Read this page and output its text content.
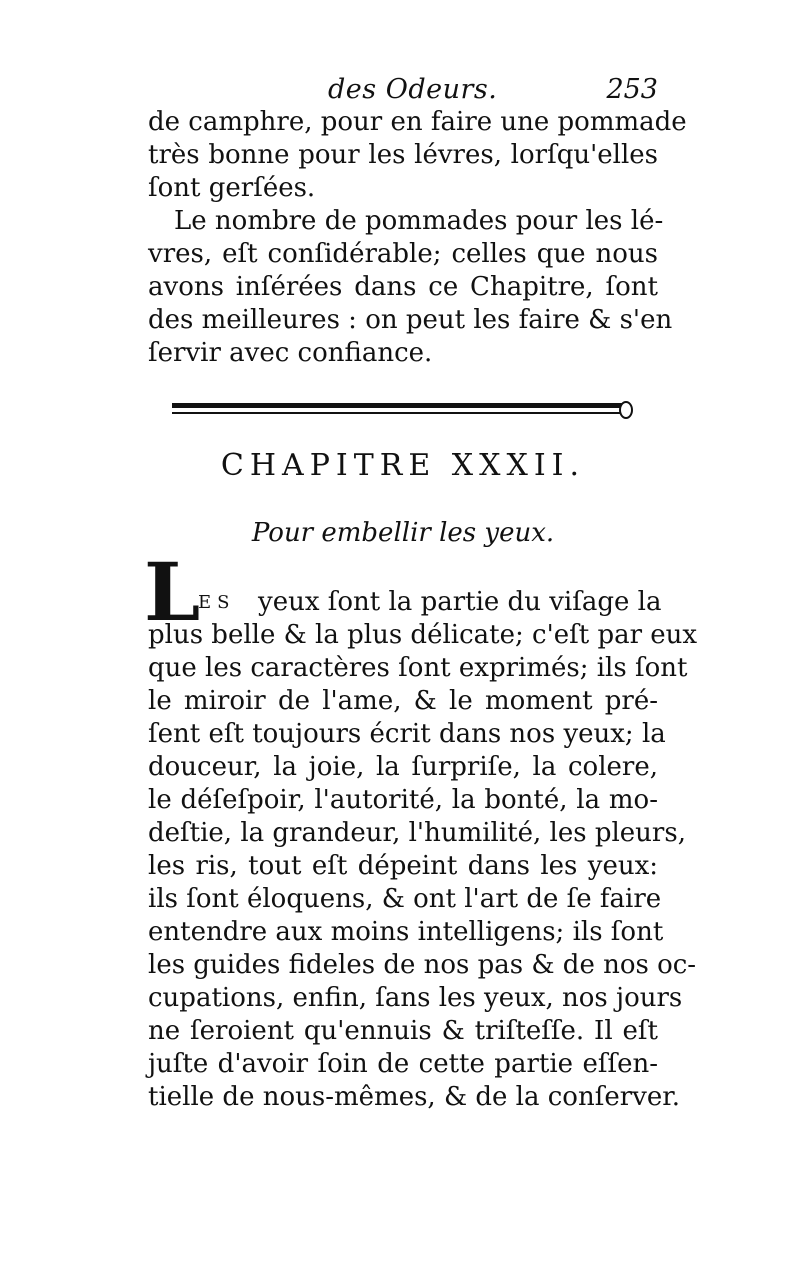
des Odeurs.	253
de camphre, pour en faire une pommade
très bonne pour les lévres, lorſqu'elles
ſont gerſées.
Le nombre de pommades pour les lé-
vres, eſt conſidérable; celles que nous
avons inſérées dans ce Chapitre, ſont
des meilleures : on peut les faire & s'en
ſervir avec confiance.
CHAPITRE XXXII.
Pour embellir les yeux.
L
ES yeux ſont la partie du viſage la
plus belle & la plus délicate; c'eſt par eux
que les caractères ſont exprimés; ils ſont
le miroir de l'ame, & le moment pré-
ſent eſt toujours écrit dans nos yeux; la
douceur, la joie, la ſurpriſe, la colere,
le déſeſpoir, l'autorité, la bonté, la mo-
deſtie, la grandeur, l'humilité, les pleurs,
les ris, tout eſt dépeint dans les yeux:
ils ſont éloquens, & ont l'art de ſe faire
entendre aux moins intelligens; ils ſont
les guides fideles de nos pas & de nos oc-
cupations, enfin, ſans les yeux, nos jours
ne ſeroient qu'ennuis & triſteſſe. Il eſt
juſte d'avoir ſoin de cette partie eſſen-
tielle de nous-mêmes, & de la conſerver.
